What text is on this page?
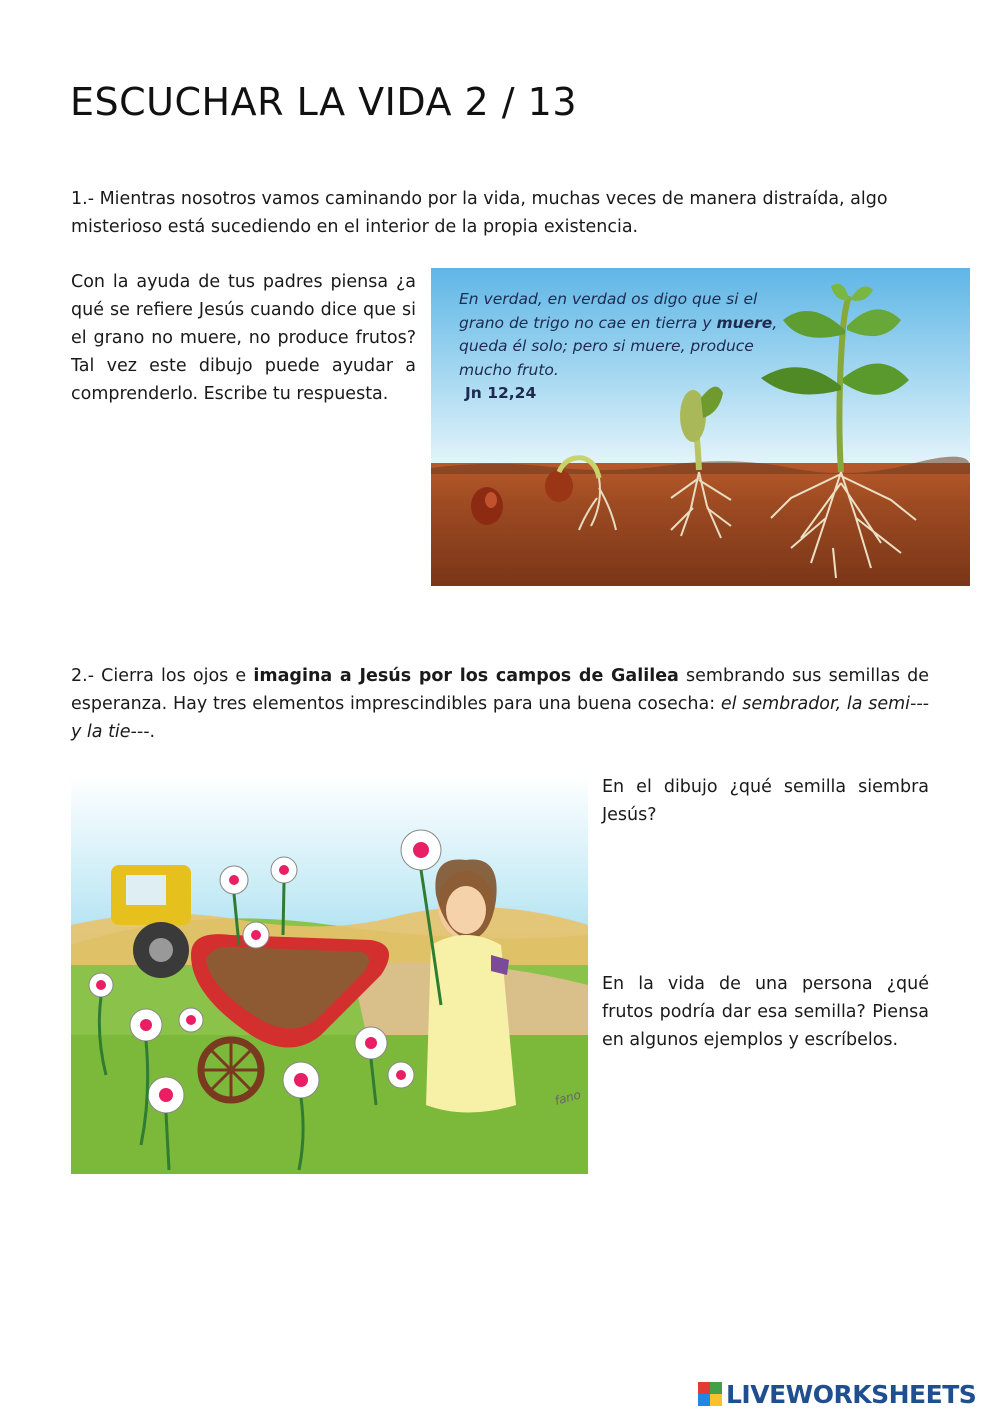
ESCUCHAR LA VIDA 2 / 13

1.- Mientras nosotros vamos caminando por la vida, muchas veces de manera distraída, algo misterioso está sucediendo en el interior de la propia existencia.

Con la ayuda de tus padres piensa ¿a qué se refiere Jesús cuando dice que si el grano no muere, no produce frutos? Tal vez este dibujo puede ayudar a comprenderlo. Escribe tu respuesta.

En verdad, en verdad os digo que si el grano de trigo no cae en tierra y muere, queda él solo; pero si muere, produce mucho fruto.
Jn 12,24

2.- Cierra los ojos e imagina a Jesús por los campos de Galilea sembrando sus semillas de esperanza. Hay tres elementos imprescindibles para una buena cosecha: el sembrador, la semi--- y la tie---.

fano

En el dibujo ¿qué semilla siembra Jesús?

En la vida de una persona ¿qué frutos podría dar esa semilla? Piensa en algunos ejemplos y escríbelos.

LIVEWORKSHEETS
